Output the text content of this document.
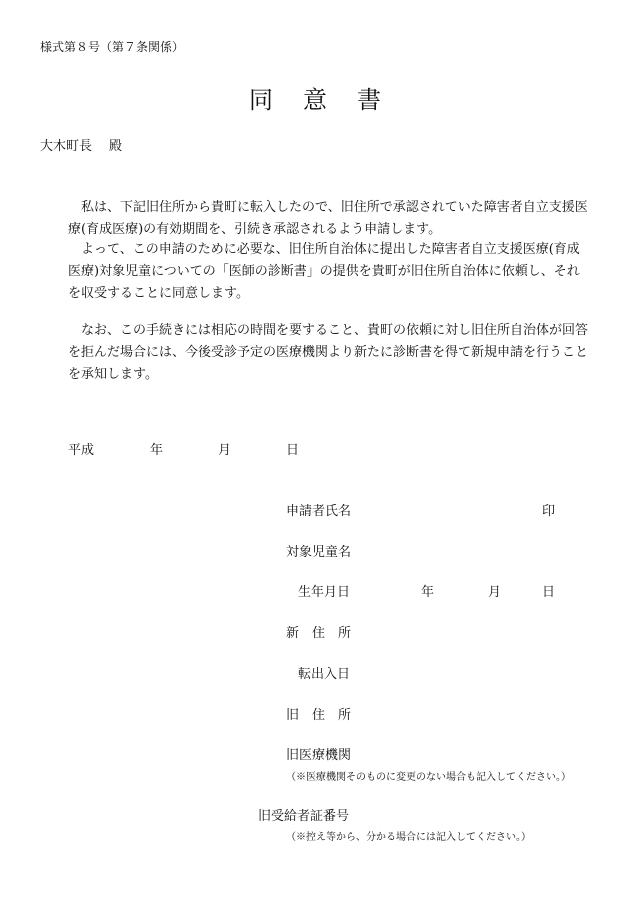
様式第８号（第７条関係）
同 意 書
大木町長 殿
私は、下記旧住所から貴町に転入したので、旧住所で承認されていた障害者自立支援医療(育成医療)の有効期間を、引続き承認されるよう申請します。
よって、この申請のために必要な、旧住所自治体に提出した障害者自立支援医療(育成医療)対象児童についての「医師の診断書」の提供を貴町が旧住所自治体に依頼し、それを収受することに同意します。
なお、この手続きには相応の時間を要すること、貴町の依頼に対し旧住所自治体が回答を拒んだ場合には、今後受診予定の医療機関より新たに診断書を得て新規申請を行うことを承知します。
平成	年	月	日
申請者氏名	印
対象児童名
生年月日	年	月	日
新　住　所
転出入日
旧　住　所
旧医療機関
（※医療機関そのものに変更のない場合も記入してください。）
旧受給者証番号
（※控え等から、分かる場合には記入してください。）
